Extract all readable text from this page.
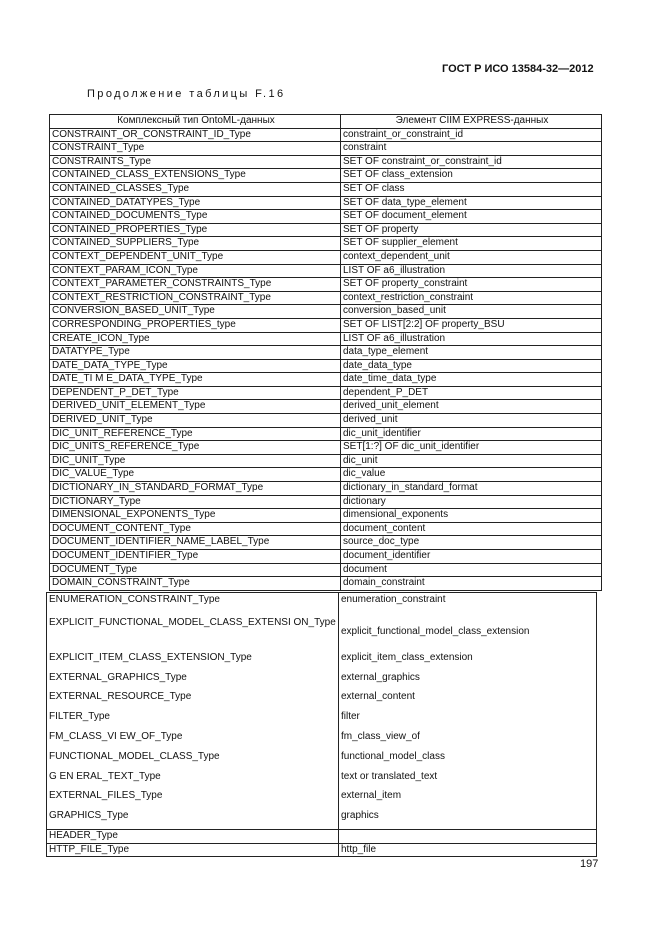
ГОСТ Р ИСО 13584-32—2012
Продолжение таблицы F.16
Комплексный тип OntoML-данных	Элемент CIIM EXPRESS-данных
CONSTRAINT_OR_CONSTRAINT_ID_Type	constraint_or_constraint_id
CONSTRAINT_Type	constraint
CONSTRAINTS_Type	SET OF constraint_or_constraint_id
CONTAINED_CLASS_EXTENSIONS_Type	SET OF class_extension
CONTAINED_CLASSES_Type	SET OF class
CONTAINED_DATATYPES_Type	SET OF data_type_element
CONTAINED_DOCUMENTS_Type	SET OF document_element
CONTAINED_PROPERTIES_Type	SET OF property
CONTAINED_SUPPLIERS_Type	SET OF supplier_element
CONTEXT_DEPENDENT_UNIT_Type	context_dependent_unit
CONTEXT_PARAM_ICON_Type	LIST OF a6_illustration
CONTEXT_PARAMETER_CONSTRAINTS_Type	SET OF property_constraint
CONTEXT_RESTRICTION_CONSTRAINT_Type	context_restriction_constraint
CONVERSION_BASED_UNIT_Type	conversion_based_unit
CORRESPONDING_PROPERTIES_type	SET OF LIST[2:2] OF property_BSU
CREATE_ICON_Type	LIST OF a6_illustration
DATATYPE_Type	data_type_element
DATE_DATA_TYPE_Type	date_data_type
DATE_TI M E_DATA_TYPE_Type	date_time_data_type
DEPENDENT_P_DET_Type	dependent_P_DET
DERIVED_UNIT_ELEMENT_Type	derived_unit_element
DERIVED_UNIT_Type	derived_unit
DIC_UNIT_REFERENCE_Type	dic_unit_identifier
DIC_UNITS_REFERENCE_Type	SET[1:?] OF dic_unit_identifier
DIC_UNIT_Type	dic_unit
DIC_VALUE_Type	dic_value
DICTIONARY_IN_STANDARD_FORMAT_Type	dictionary_in_standard_format
DICTIONARY_Type	dictionary
DIMENSIONAL_EXPONENTS_Type	dimensional_exponents
DOCUMENT_CONTENT_Type	document_content
DOCUMENT_IDENTIFIER_NAME_LABEL_Type	source_doc_type
DOCUMENT_IDENTIFIER_Type	document_identifier
DOCUMENT_Type	document
DOMAIN_CONSTRAINT_Type	domain_constraint
ENUMERATION_CONSTRAINT_Type	enumeration_constraint
EXPLICIT_FUNCTIONAL_MODEL_CLASS_EXTENSI ON_Type	explicit_functional_model_class_extension
EXPLICIT_ITEM_CLASS_EXTENSION_Type	explicit_item_class_extension
EXTERNAL_GRAPHICS_Type	external_graphics
EXTERNAL_RESOURCE_Type	external_content
FILTER_Type	filter
FM_CLASS_VI EW_OF_Type	fm_class_view_of
FUNCTIONAL_MODEL_CLASS_Type	functional_model_class
G EN ERAL_TEXT_Type	text or translated_text
EXTERNAL_FILES_Type	external_item
GRAPHICS_Type	graphics
HEADER_Type	
HTTP_FILE_Type	http_file
197
